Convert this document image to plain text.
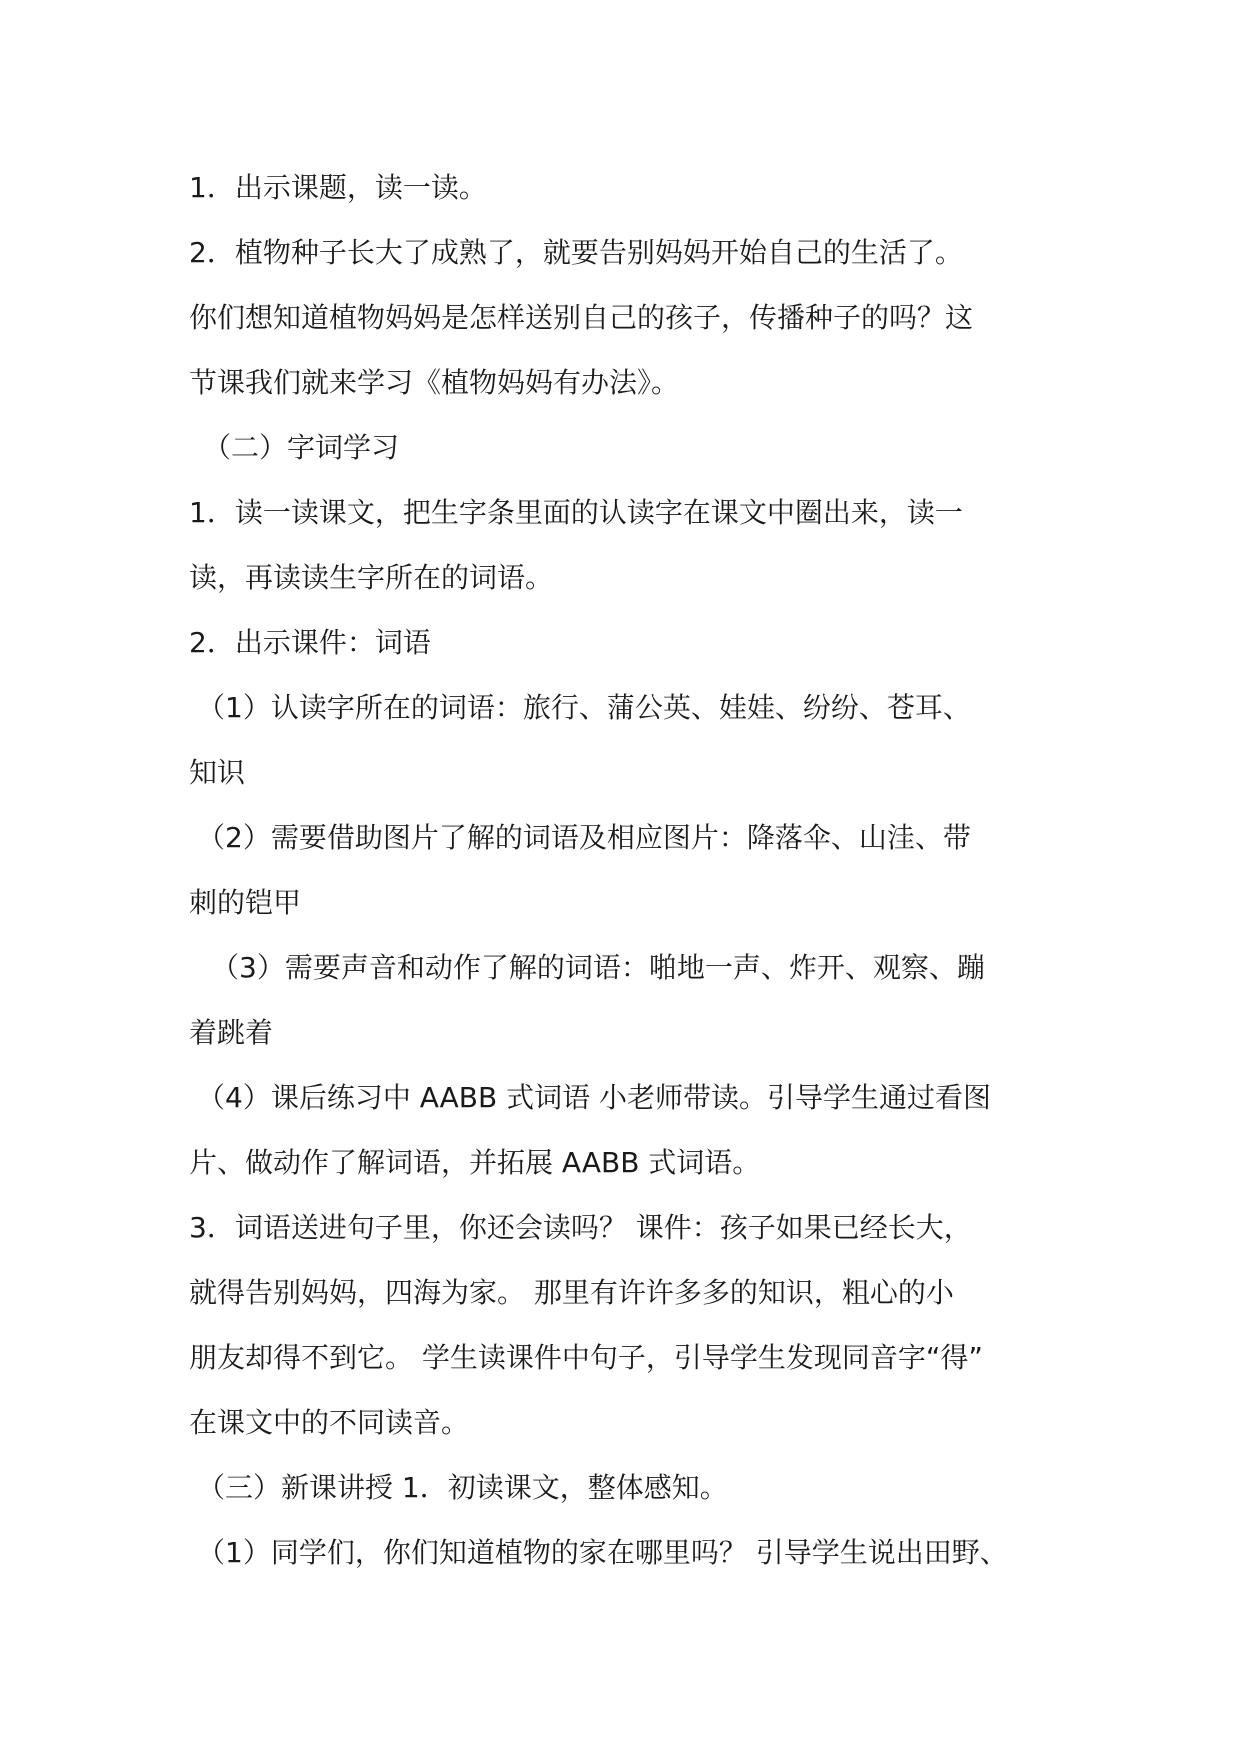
1．出示课题，读一读。
2．植物种子长大了成熟了，就要告别妈妈开始自己的生活了。
你们想知道植物妈妈是怎样送别自己的孩子，传播种子的吗？这
节课我们就来学习《植物妈妈有办法》。
（二）字词学习
1．读一读课文，把生字条里面的认读字在课文中圈出来，读一
读，再读读生字所在的词语。
2．出示课件：词语
（1）认读字所在的词语：旅行、蒲公英、娃娃、纷纷、苍耳、
知识
（2）需要借助图片了解的词语及相应图片：降落伞、山洼、带
刺的铠甲
（3）需要声音和动作了解的词语：啪地一声、炸开、观察、蹦
着跳着
（4）课后练习中 AABB 式词语 小老师带读。引导学生通过看图
片、做动作了解词语，并拓展 AABB 式词语。
3．词语送进句子里，你还会读吗？ 课件：孩子如果已经长大，
就得告别妈妈，四海为家。 那里有许许多多的知识，粗心的小
朋友却得不到它。 学生读课件中句子，引导学生发现同音字“得”
在课文中的不同读音。
（三）新课讲授 1．初读课文，整体感知。
（1）同学们，你们知道植物的家在哪里吗？ 引导学生说出田野、
